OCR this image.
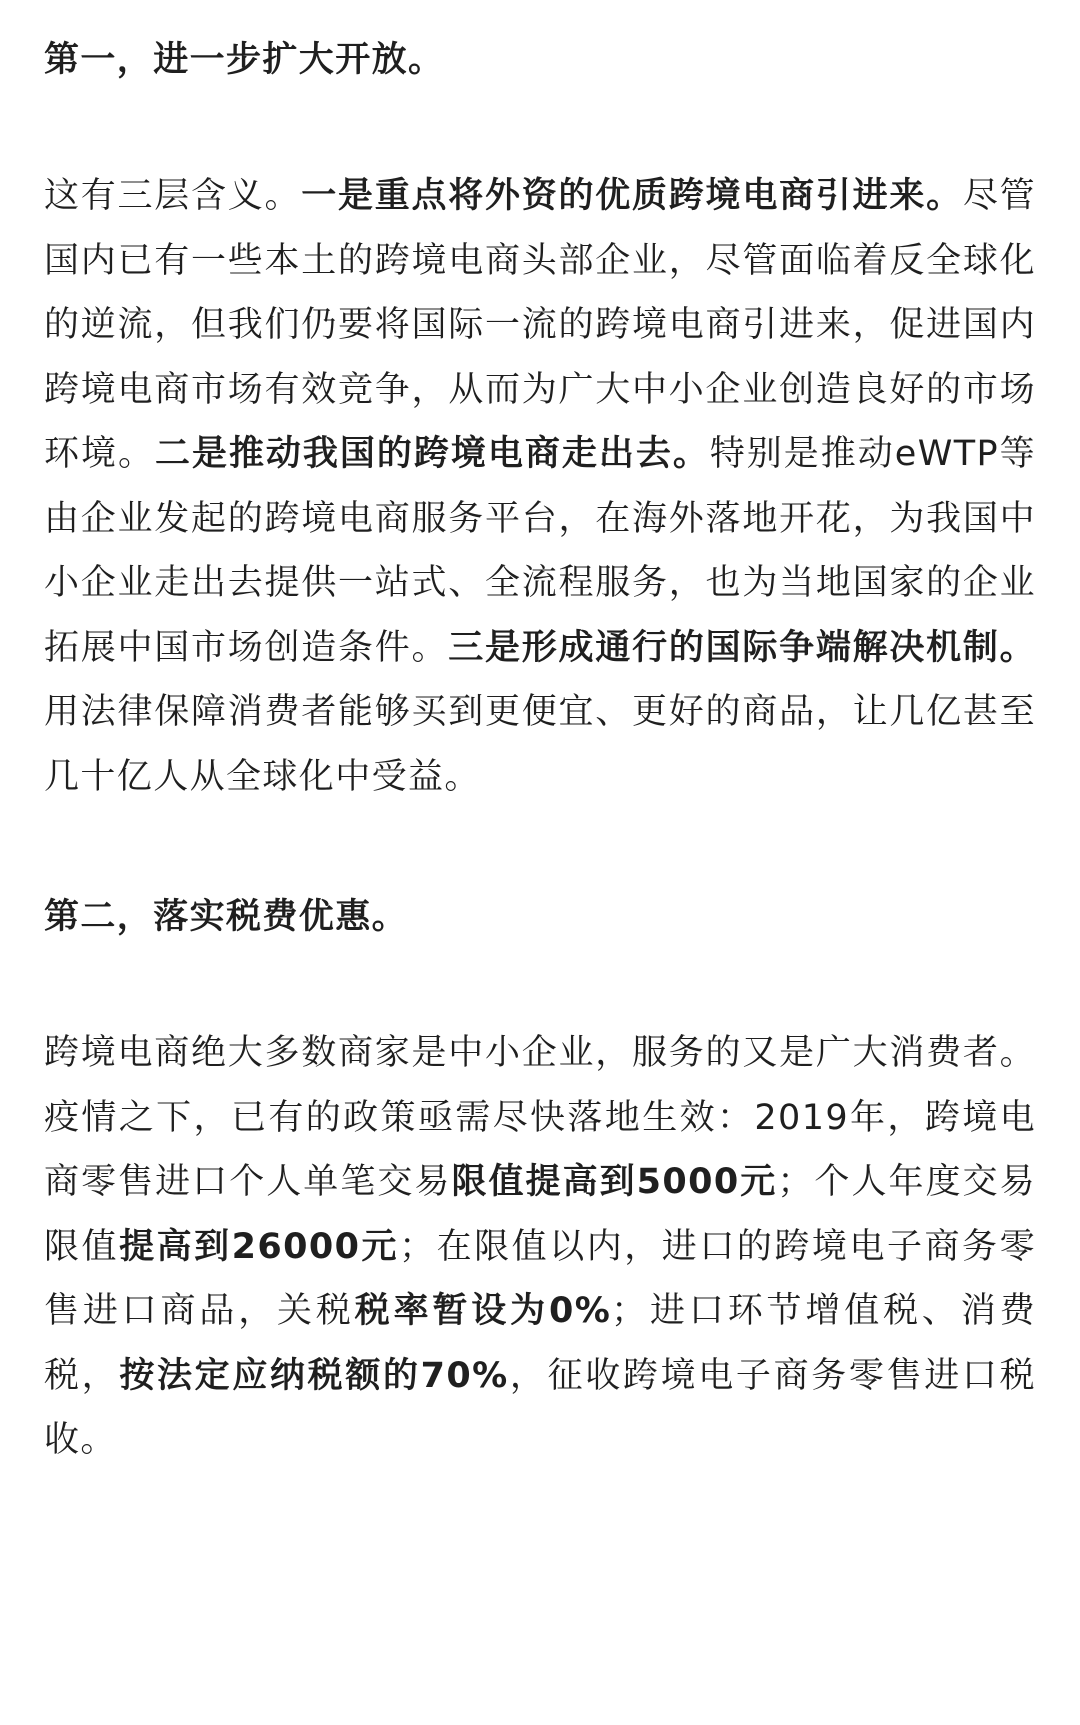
第一，进一步扩大开放。

这有三层含义。一是重点将外资的优质跨境电商引进来。尽管国内已有一些本土的跨境电商头部企业，尽管面临着反全球化的逆流，但我们仍要将国际一流的跨境电商引进来，促进国内跨境电商市场有效竞争，从而为广大中小企业创造良好的市场环境。二是推动我国的跨境电商走出去。特别是推动eWTP等由企业发起的跨境电商服务平台，在海外落地开花，为我国中小企业走出去提供一站式、全流程服务，也为当地国家的企业拓展中国市场创造条件。三是形成通行的国际争端解决机制。用法律保障消费者能够买到更便宜、更好的商品，让几亿甚至几十亿人从全球化中受益。

第二，落实税费优惠。

跨境电商绝大多数商家是中小企业，服务的又是广大消费者。疫情之下，已有的政策亟需尽快落地生效：2019年，跨境电商零售进口个人单笔交易限值提高到5000元；个人年度交易限值提高到26000元；在限值以内，进口的跨境电子商务零售进口商品，关税税率暂设为0%；进口环节增值税、消费税，按法定应纳税额的70%，征收跨境电子商务零售进口税收。
